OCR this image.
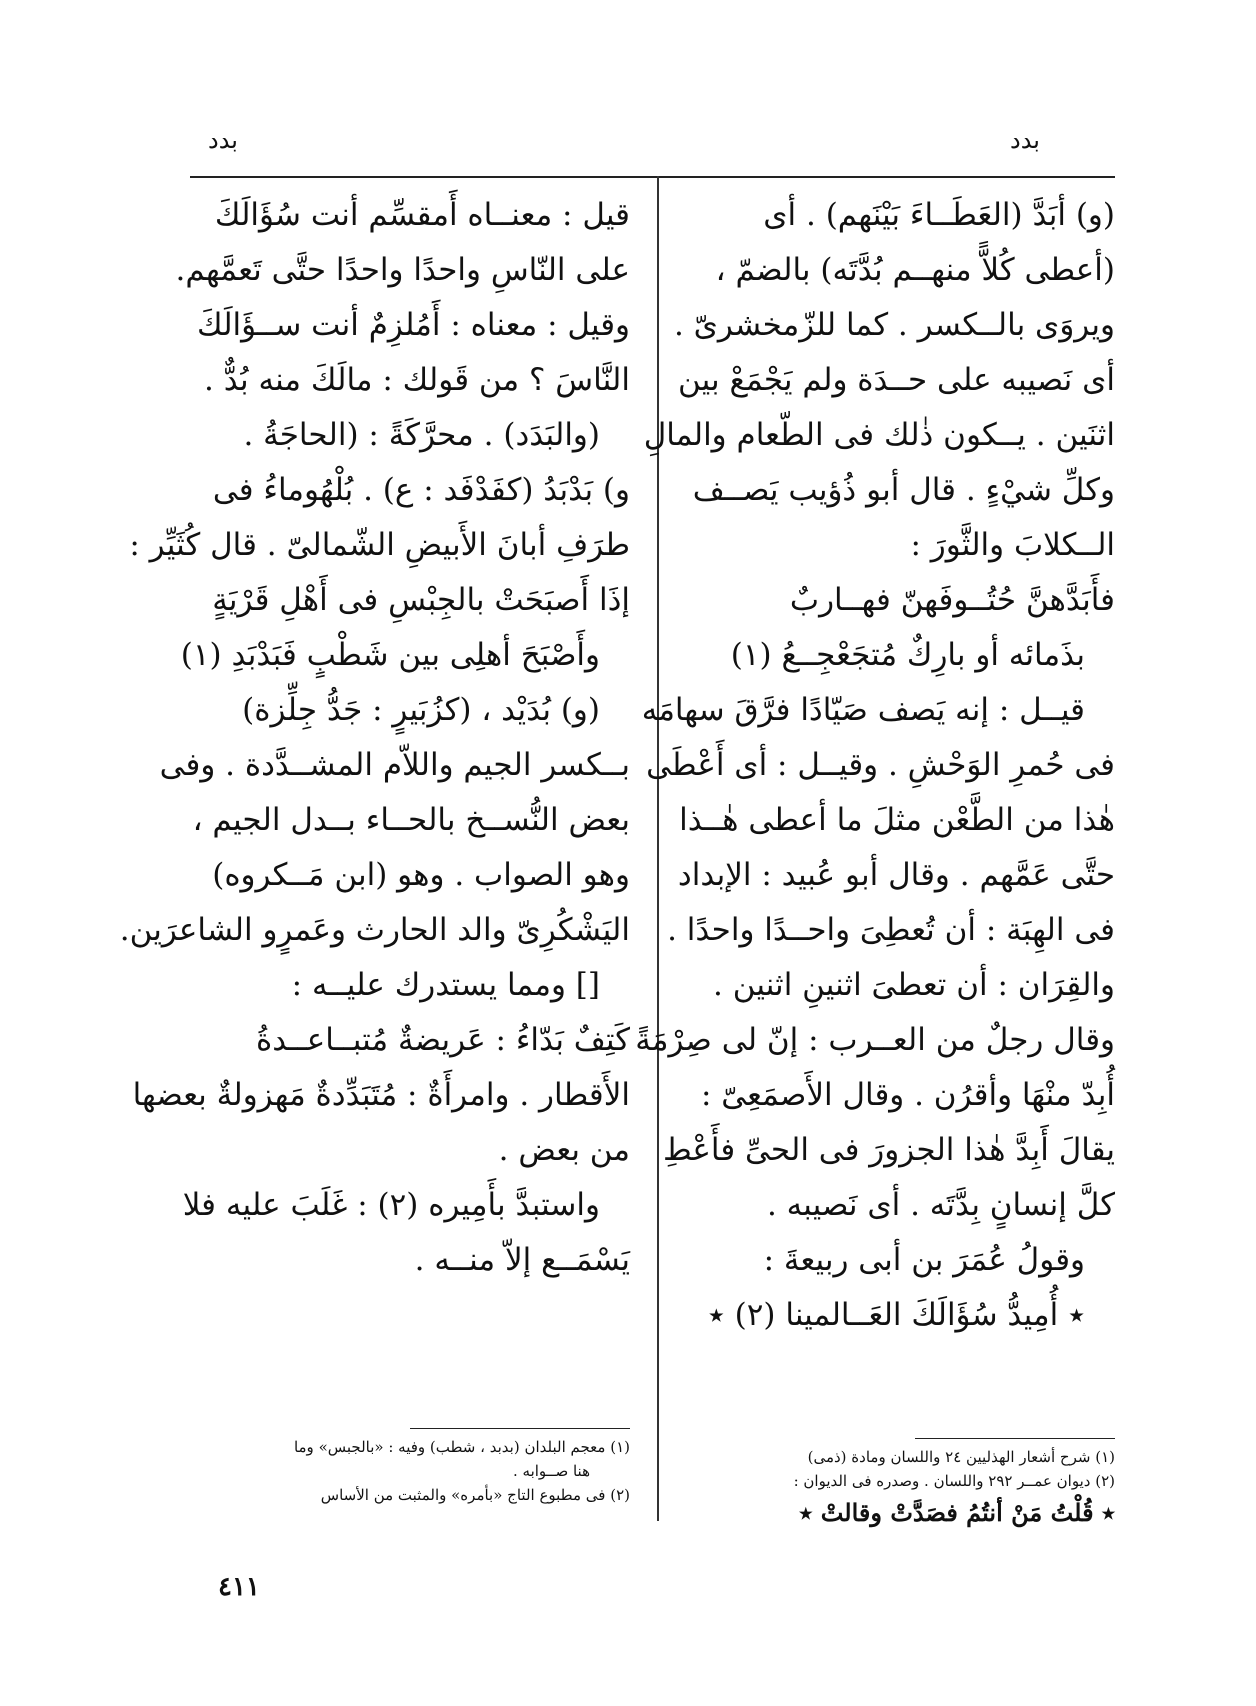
بدد	بدد
(و) أبَدَّ (العَطَــاءَ بَيْنَهم) . أى
(أعطى كُلاًّ منهــم بُدَّتَه) بالضمّ ،
ويروَى بالــكسر . كما للزّمخشرىّ .
أى نَصيبه على حــدَة ولم يَجْمَعْ بين
اثنَين . يــكون ذٰلك فى الطّعام والمالِ
وكلِّ شيْءٍ . قال أبو ذُؤيب يَصــف
الــكلابَ والثَّورَ :
فأَبَدَّهنَّ حُتُــوفَهنّ فهــاربٌ
بذَمائه أو بارِكٌ مُتجَعْجِــعُ (١)
قيــل : إنه يَصف صَيّادًا فرَّقَ سهامَه
فى حُمرِ الوَحْشِ . وقيــل : أى أَعْطَى
هٰذا من الطَّعْن مثلَ ما أعطى هٰــذا
حتَّى عَمَّهم . وقال أبو عُبيد : الإبداد
فى الهِبَة : أن تُعطِىَ واحــدًا واحدًا .
والقِرَان : أن تعطىَ اثنينِ اثنين .
وقال رجلٌ من العــرب : إنّ لى صِرْمَةً
أُبِدّ منْهَا وأقرُن . وقال الأَصمَعِىّ :
يقالَ أَبِدَّ هٰذا الجزورَ فى الحىِّ فأَعْطِ
كلَّ إنسانٍ بِدَّتَه . أى نَصيبه .
وقولُ عُمَرَ بن أبى ربيعةَ :
٭ أُمِيدُّ سُؤَالَكَ العَــالمينا (٢) ٭
قيل : معنــاه أَمقسِّم أنت سُؤَالَكَ
على النّاسِ واحدًا واحدًا حتَّى تَعمَّهم.
وقيل : معناه : أَمُلزِمٌ أنت ســؤَالَكَ
النَّاسَ ؟ من قَولك : مالَكَ منه بُدٌّ .
(والبَدَد) . محرَّكَةً : (الحاجَةُ .
و) بَدْبَدُ (كفَدْفَد : ع) . بُلْهُوماءُ فى
طرَفِ أبانَ الأَبيضِ الشّمالىّ . قال كُثَيِّر :
إذَا أَصبَحَتْ بالجِبْسِ فى أَهْلِ قَرْيَةٍ
وأَصْبَحَ أهلِى بين شَطْبٍ فَبَدْبَدِ (١)
(و) بُدَيْد ، (كزُبَيرٍ : جَدُّ جِلِّزة)
بــكسر الجيم واللاّم المشــدَّدة . وفى
بعض النُّســخ بالحــاء بــدل الجيم ،
وهو الصواب . وهو (ابن مَــكروه)
اليَشْكُرِىّ والد الحارث وعَمرٍو الشاعرَين.
[] ومما يستدرك عليــه :
كَتِفٌ بَدّاءُ : عَريضةٌ مُتبــاعــدةُ
الأَقطار . وامرأَةٌ : مُتَبَدِّدةٌ مَهزولةٌ بعضها
من بعض .
واستبدَّ بأَمِيره (٢) : غَلَبَ عليه فلا
يَسْمَــع إلاّ منــه .
(١) شرح أشعار الهذليين ٢٤ واللسان ومادة (ذمى)
(٢) ديوان عمــر ٢٩٢ واللسان . وصدره فى الديوان :
٭ قُلْتُ مَنْ أنتُمُ فصَدَّتْ وقالتْ ٭
(١) معجم البلدان (بدبد ، شطب) وفيه : «بالجبس» وما
هنا صــوابه .
(٢) فى مطبوع التاج «بأمره» والمثبت من الأساس
٤١١
